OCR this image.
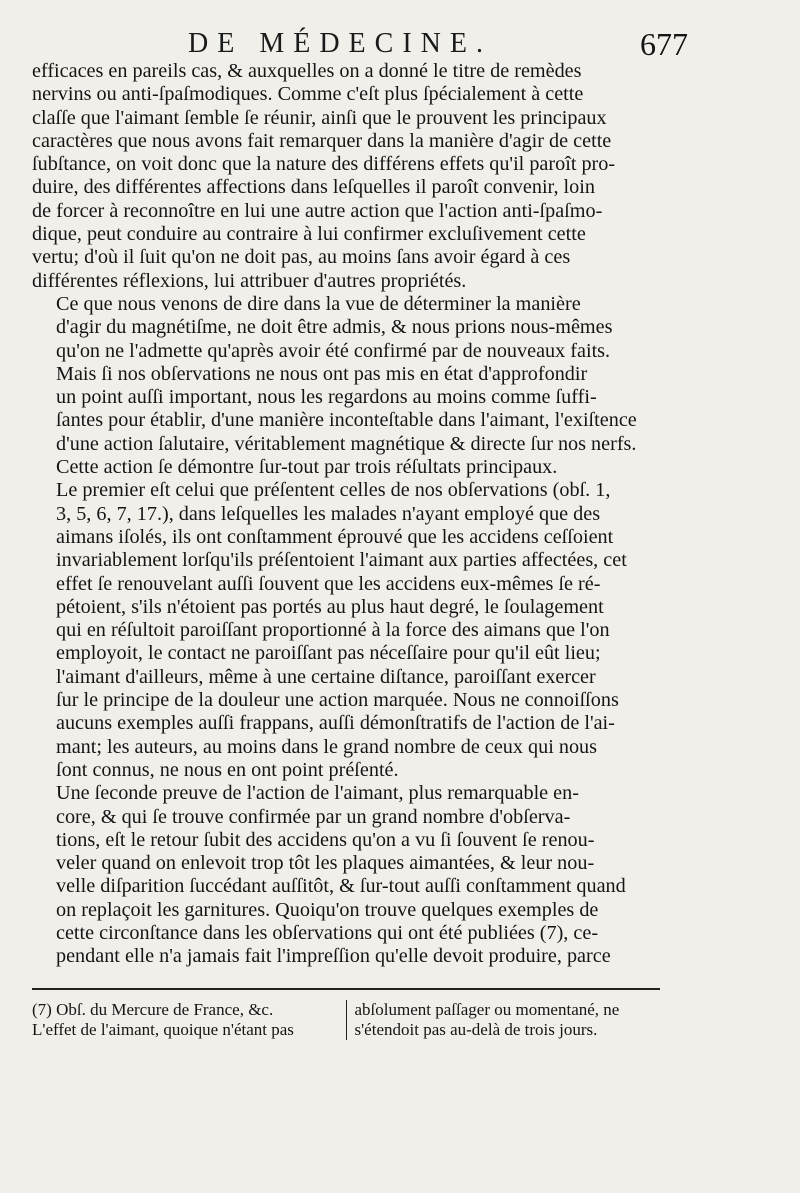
DE MÉDECINE.	677

efficaces en pareils cas, & auxquelles on a donné le titre de remèdes
nervins ou anti-ſpaſmodiques. Comme c'eſt plus ſpécialement à cette
claſſe que l'aimant ſemble ſe réunir, ainſi que le prouvent les principaux
caractères que nous avons fait remarquer dans la manière d'agir de cette
ſubſtance, on voit donc que la nature des différens effets qu'il paroît pro-
duire, des différentes affections dans leſquelles il paroît convenir, loin
de forcer à reconnoître en lui une autre action que l'action anti-ſpaſmo-
dique, peut conduire au contraire à lui confirmer excluſivement cette
vertu; d'où il ſuit qu'on ne doit pas, au moins ſans avoir égard à ces
différentes réflexions, lui attribuer d'autres propriétés.

Ce que nous venons de dire dans la vue de déterminer la manière
d'agir du magnétiſme, ne doit être admis, & nous prions nous-mêmes
qu'on ne l'admette qu'après avoir été confirmé par de nouveaux faits.
Mais ſi nos obſervations ne nous ont pas mis en état d'approfondir
un point auſſi important, nous les regardons au moins comme ſuffi-
ſantes pour établir, d'une manière inconteſtable dans l'aimant, l'exiſtence
d'une action ſalutaire, véritablement magnétique & directe ſur nos nerfs.
Cette action ſe démontre ſur-tout par trois réſultats principaux.

Le premier eſt celui que préſentent celles de nos obſervations (obſ. 1,
3, 5, 6, 7, 17.), dans leſquelles les malades n'ayant employé que des
aimans iſolés, ils ont conſtamment éprouvé que les accidens ceſſoient
invariablement lorſqu'ils préſentoient l'aimant aux parties affectées, cet
effet ſe renouvelant auſſi ſouvent que les accidens eux-mêmes ſe ré-
pétoient, s'ils n'étoient pas portés au plus haut degré, le ſoulagement
qui en réſultoit paroiſſant proportionné à la force des aimans que l'on
employoit, le contact ne paroiſſant pas néceſſaire pour qu'il eût lieu;
l'aimant d'ailleurs, même à une certaine diſtance, paroiſſant exercer
ſur le principe de la douleur une action marquée. Nous ne connoiſſons
aucuns exemples auſſi frappans, auſſi démonſtratifs de l'action de l'ai-
mant; les auteurs, au moins dans le grand nombre de ceux qui nous
ſont connus, ne nous en ont point préſenté.

Une ſeconde preuve de l'action de l'aimant, plus remarquable en-
core, & qui ſe trouve confirmée par un grand nombre d'obſerva-
tions, eſt le retour ſubit des accidens qu'on a vu ſi ſouvent ſe renou-
veler quand on enlevoit trop tôt les plaques aimantées, & leur nou-
velle diſparition ſuccédant auſſitôt, & ſur-tout auſſi conſtamment quand
on replaçoit les garnitures. Quoiqu'on trouve quelques exemples de
cette circonſtance dans les obſervations qui ont été publiées (7), ce-
pendant elle n'a jamais fait l'impreſſion qu'elle devoit produire, parce

(7) Obſ. du Mercure de France, &c.
L'effet de l'aimant, quoique n'étant pas
abſolument paſſager ou momentané, ne
s'étendoit pas au-delà de trois jours.
